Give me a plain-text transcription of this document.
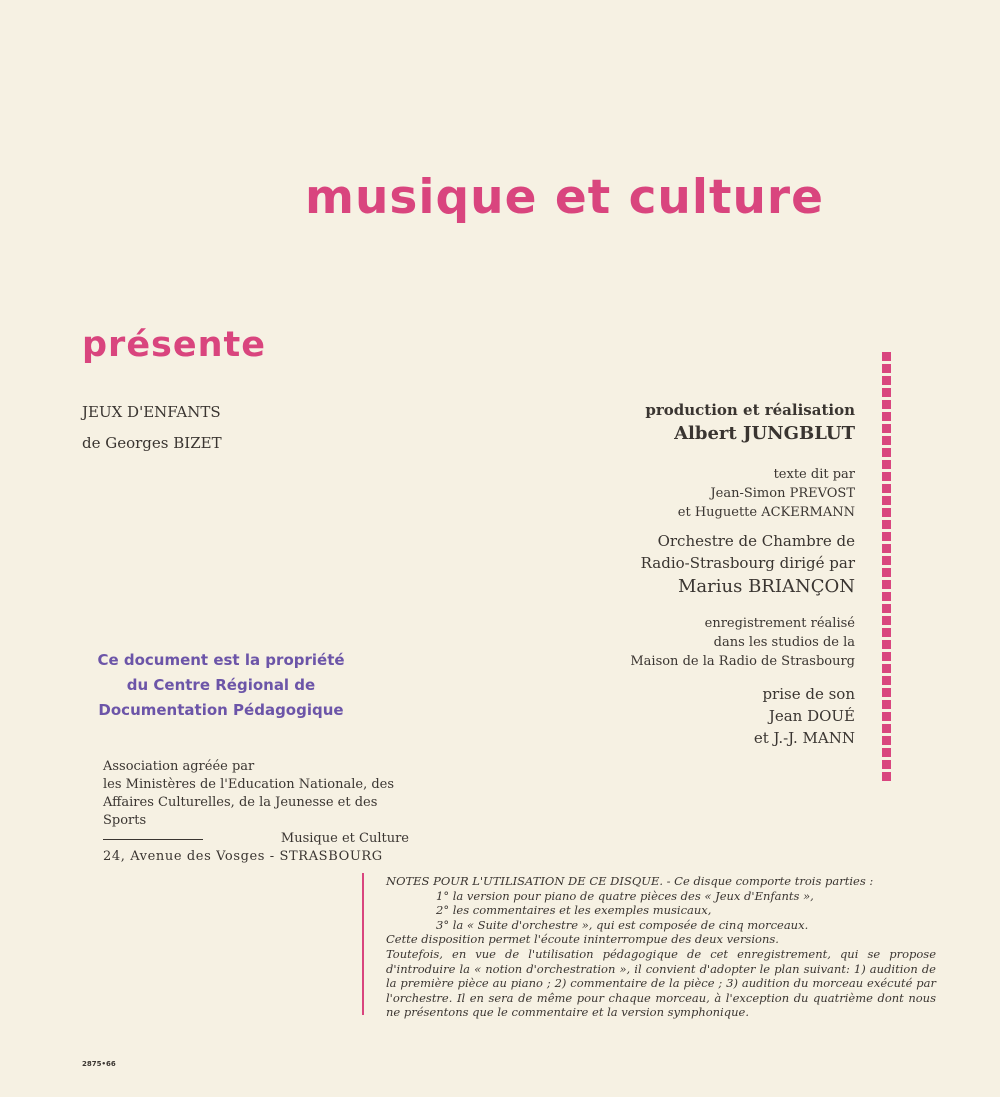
musique et culture
présente
JEUX D'ENFANTS
de Georges BIZET
production et réalisation
Albert JUNGBLUT
texte dit par
Jean-Simon PREVOST
et Huguette ACKERMANN
Orchestre de Chambre de
Radio-Strasbourg dirigé par
Marius BRIANÇON
enregistrement réalisé
dans les studios de la
Maison de la Radio de Strasbourg
prise de son
Jean DOUÉ
et J.-J. MANN
Ce document est la propriété
du Centre Régional de
Documentation Pédagogique
Association agréée par
les Ministères de l'Education Nationale, des
Affaires Culturelles, de la Jeunesse et des Sports
Musique et Culture
24, Avenue des Vosges - STRASBOURG
NOTES POUR L'UTILISATION DE CE DISQUE. - Ce disque comporte trois parties :
1° la version pour piano de quatre pièces des « Jeux d'Enfants »,
2° les commentaires et les exemples musicaux,
3° la « Suite d'orchestre », qui est composée de cinq morceaux.
Cette disposition permet l'écoute ininterrompue des deux versions.
Toutefois, en vue de l'utilisation pédagogique de cet enregistrement, qui se propose d'introduire la « notion d'orchestration », il convient d'adopter le plan suivant: 1) audition de la première pièce au piano ; 2) commentaire de la pièce ; 3) audition du morceau exécuté par l'orchestre. Il en sera de même pour chaque morceau, à l'exception du quatrième dont nous ne présentons que le commentaire et la version symphonique.
2875•66
